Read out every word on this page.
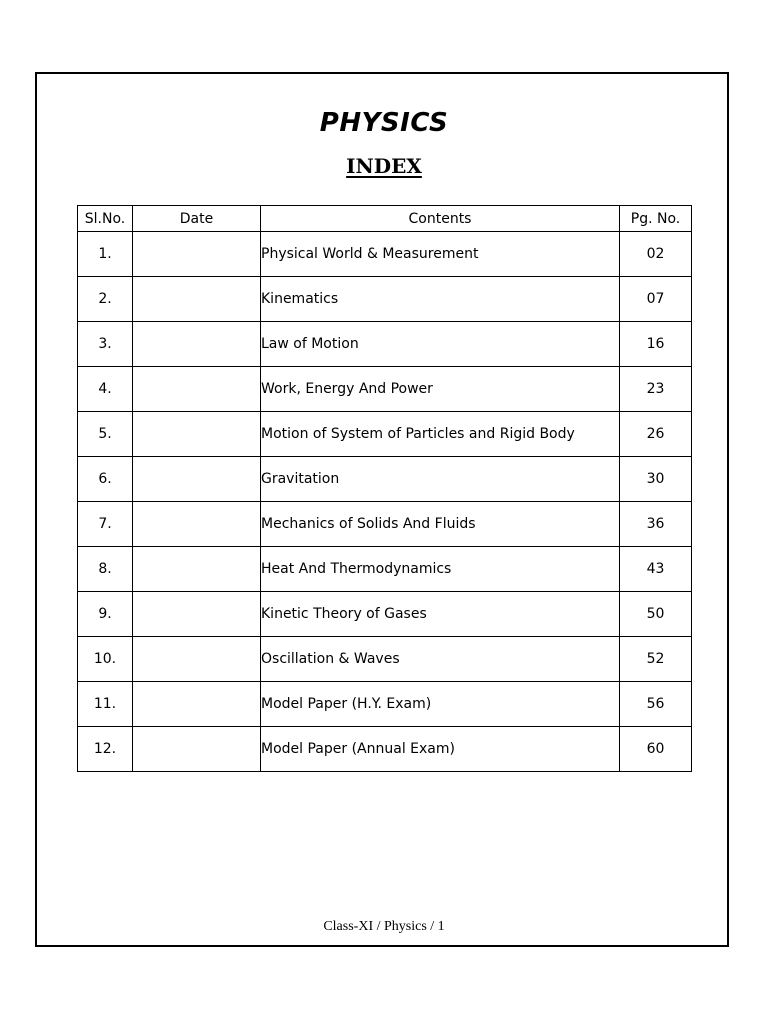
PHYSICS
INDEX
Sl.No.	Date	Contents	Pg. No.
1.		Physical World & Measurement	02
2.		Kinematics	07
3.		Law of Motion	16
4.		Work, Energy And Power	23
5.		Motion of System of Particles and Rigid Body	26
6.		Gravitation	30
7.		Mechanics of Solids And Fluids	36
8.		Heat And Thermodynamics	43
9.		Kinetic Theory of Gases	50
10.		Oscillation & Waves	52
11.		Model Paper (H.Y. Exam)	56
12.		Model Paper (Annual Exam)	60
Class-XI / Physics / 1
